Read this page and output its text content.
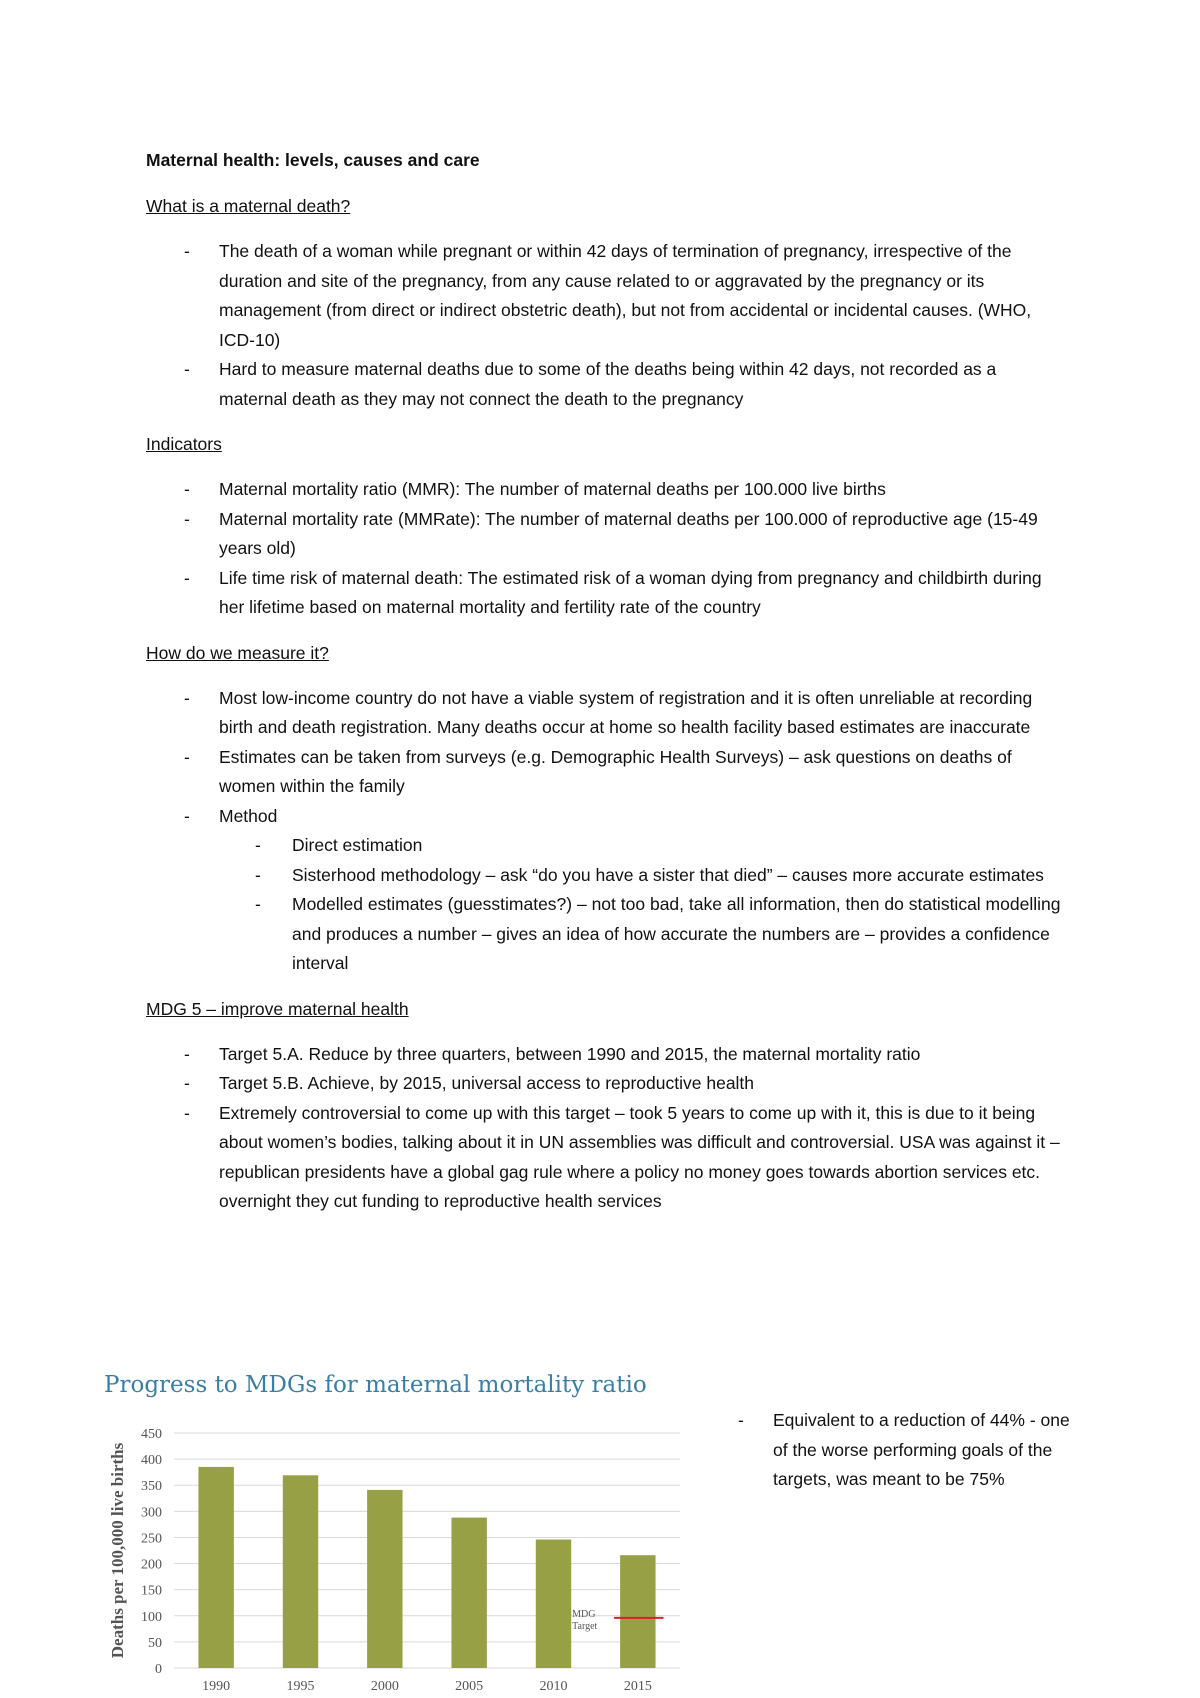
Maternal health: levels, causes and care

What is a maternal death?

- The death of a woman while pregnant or within 42 days of termination of pregnancy, irrespective of the duration and site of the pregnancy, from any cause related to or aggravated by the pregnancy or its management (from direct or indirect obstetric death), but not from accidental or incidental causes. (WHO, ICD-10)
- Hard to measure maternal deaths due to some of the deaths being within 42 days, not recorded as a maternal death as they may not connect the death to the pregnancy

Indicators

- Maternal mortality ratio (MMR): The number of maternal deaths per 100.000 live births
- Maternal mortality rate (MMRate): The number of maternal deaths per 100.000 of reproductive age (15-49 years old)
- Life time risk of maternal death: The estimated risk of a woman dying from pregnancy and childbirth during her lifetime based on maternal mortality and fertility rate of the country

How do we measure it?

- Most low-income country do not have a viable system of registration and it is often unreliable at recording birth and death registration. Many deaths occur at home so health facility based estimates are inaccurate
- Estimates can be taken from surveys (e.g. Demographic Health Surveys) – ask questions on deaths of women within the family
- Method
- Direct estimation
- Sisterhood methodology – ask “do you have a sister that died” – causes more accurate estimates
- Modelled estimates (guesstimates?) – not too bad, take all information, then do statistical modelling and produces a number – gives an idea of how accurate the numbers are – provides a confidence interval

MDG 5 – improve maternal health

- Target 5.A. Reduce by three quarters, between 1990 and 2015, the maternal mortality ratio
- Target 5.B. Achieve, by 2015, universal access to reproductive health
- Extremely controversial to come up with this target – took 5 years to come up with it, this is due to it being about women’s bodies, talking about it in UN assemblies was difficult and controversial. USA was against it – republican presidents have a global gag rule where a policy no money goes towards abortion services etc. overnight they cut funding to reproductive health services
Progress to MDGs for maternal mortality ratio
0
50
100
150
200
250
300
350
400
450
1990	1995	2000	2005	2010	2015
MDG
Target
Deaths per 100,000 live births
- Equivalent to a reduction of 44% - one of the worse performing goals of the targets, was meant to be 75%
